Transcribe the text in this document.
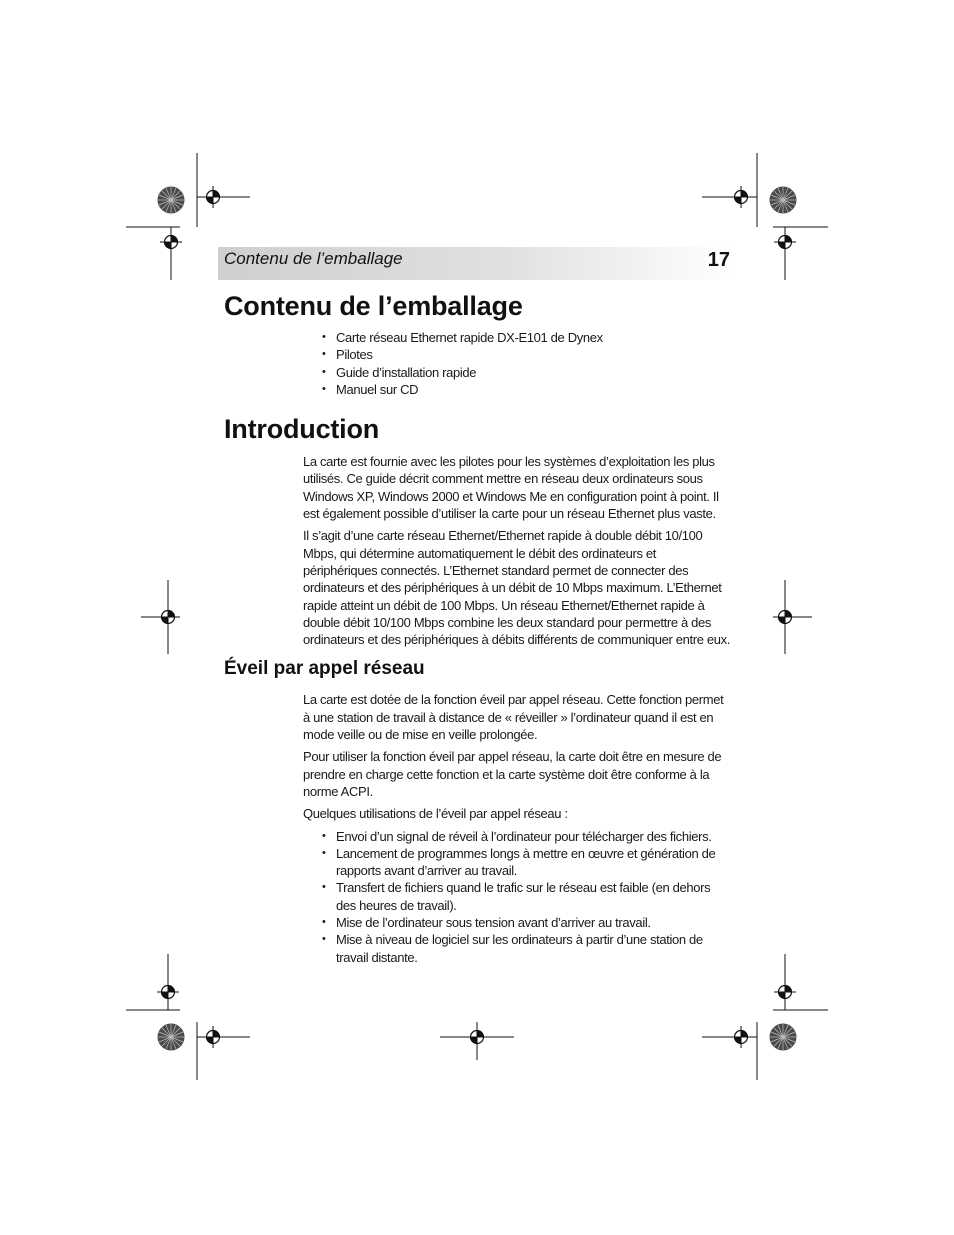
Contenu de l’emballage	17
Contenu de l’emballage
• Carte réseau Ethernet rapide DX-E101 de Dynex
• Pilotes
• Guide d’installation rapide
• Manuel sur CD
Introduction

La carte est fournie avec les pilotes pour les systèmes d’exploitation les plus utilisés. Ce guide décrit comment mettre en réseau deux ordinateurs sous Windows XP, Windows 2000 et Windows Me en configuration point à point. Il est également possible d’utiliser la carte pour un réseau Ethernet plus vaste.

Il s’agit d’une carte réseau Ethernet/Ethernet rapide à double débit 10/100 Mbps, qui détermine automatiquement le débit des ordinateurs et périphériques connectés. L’Ethernet standard permet de connecter des ordinateurs et des périphériques à un débit de 10 Mbps maximum. L’Ethernet rapide atteint un débit de 100 Mbps. Un réseau Ethernet/Ethernet rapide à double débit 10/100 Mbps combine les deux standard pour permettre à des ordinateurs et des périphériques à débits différents de communiquer entre eux.

Éveil par appel réseau

La carte est dotée de la fonction éveil par appel réseau. Cette fonction permet à une station de travail à distance de « réveiller » l’ordinateur quand il est en mode veille ou de mise en veille prolongée.

Pour utiliser la fonction éveil par appel réseau, la carte doit être en mesure de prendre en charge cette fonction et la carte système doit être conforme à la norme ACPI.

Quelques utilisations de l’éveil par appel réseau :

• Envoi d’un signal de réveil à l’ordinateur pour télécharger des fichiers.
• Lancement de programmes longs à mettre en œuvre et génération de rapports avant d’arriver au travail.
• Transfert de fichiers quand le trafic sur le réseau est faible (en dehors des heures de travail).
• Mise de l’ordinateur sous tension avant d’arriver au travail.
• Mise à niveau de logiciel sur les ordinateurs à partir d’une station de travail distante.
